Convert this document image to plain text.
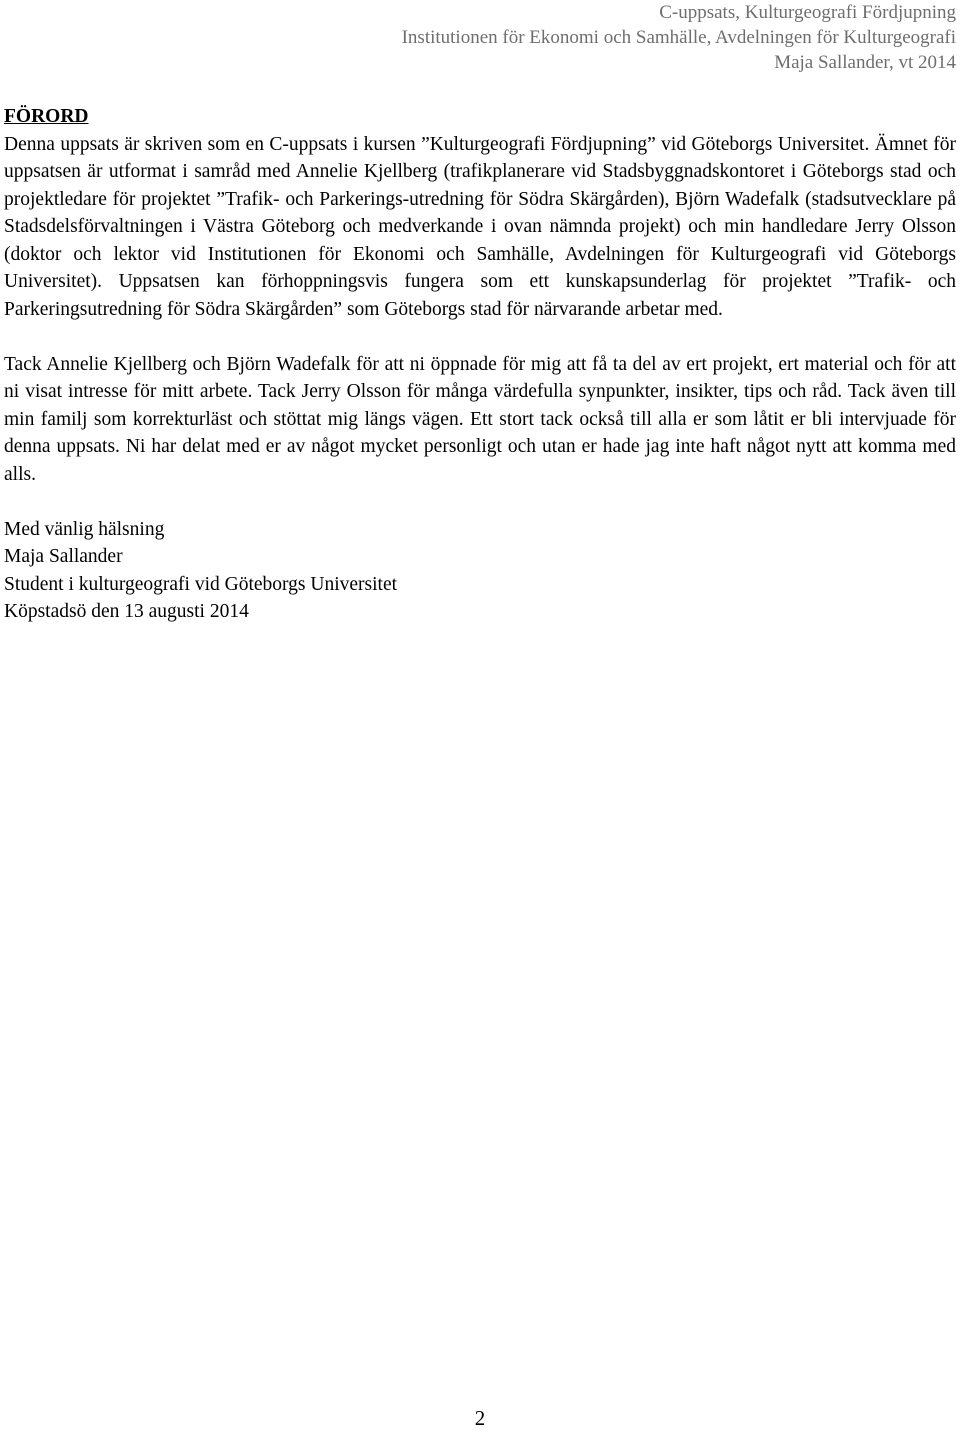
C-uppsats, Kulturgeografi Fördjupning
Institutionen för Ekonomi och Samhälle, Avdelningen för Kulturgeografi
Maja Sallander, vt 2014

FÖRORD

Denna uppsats är skriven som en C-uppsats i kursen ”Kulturgeografi Fördjupning” vid Göteborgs Universitet. Ämnet för uppsatsen är utformat i samråd med Annelie Kjellberg (trafikplanerare vid Stadsbyggnadskontoret i Göteborgs stad och projektledare för projektet ”Trafik- och Parkerings-utredning för Södra Skärgården), Björn Wadefalk (stadsutvecklare på Stadsdelsförvaltningen i Västra Göteborg och medverkande i ovan nämnda projekt) och min handledare Jerry Olsson (doktor och lektor vid Institutionen för Ekonomi och Samhälle, Avdelningen för Kulturgeografi vid Göteborgs Universitet). Uppsatsen kan förhoppningsvis fungera som ett kunskapsunderlag för projektet ”Trafik- och Parkeringsutredning för Södra Skärgården” som Göteborgs stad för närvarande arbetar med.

Tack Annelie Kjellberg och Björn Wadefalk för att ni öppnade för mig att få ta del av ert projekt, ert material och för att ni visat intresse för mitt arbete. Tack Jerry Olsson för många värdefulla synpunkter, insikter, tips och råd. Tack även till min familj som korrekturläst och stöttat mig längs vägen. Ett stort tack också till alla er som låtit er bli intervjuade för denna uppsats. Ni har delat med er av något mycket personligt och utan er hade jag inte haft något nytt att komma med alls.

Med vänlig hälsning
Maja Sallander
Student i kulturgeografi vid Göteborgs Universitet
Köpstadsö den 13 augusti 2014
2
